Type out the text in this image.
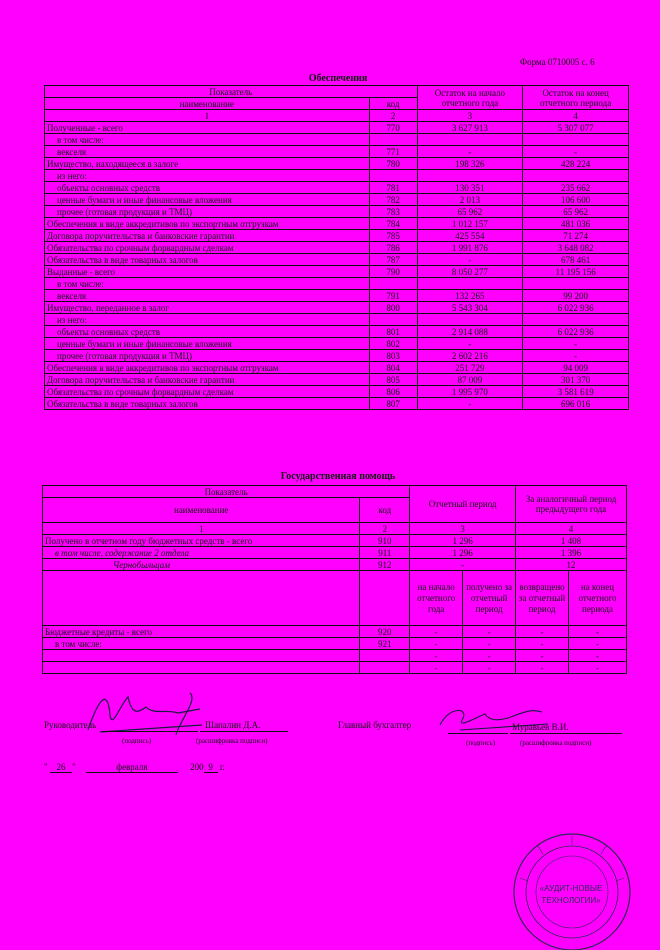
Форма 0710005 с. 6
Обеспечения
Показатель		Остаток на начало отчетного года	Остаток на конец отчетного периода
наименование	код		
1	2	3	4
Полученные - всего	770	3 627 913	5 307 077
в том числе:			
векселя	771	-	-
Имущество, находящееся в залоге	780	198 326	428 224
из него:			
объекты основных средств	781	130 351	235 662
ценные бумаги и иные финансовые вложения	782	2 013	106 600
прочее (готовая продукция и ТМЦ)	783	65 962	65 962
Обеспечения в виде аккредитивов по экспортным отгрузкам	784	1 012 157	481 036
Договора поручительства и банковские гарантии	785	425 554	71 274
Обязательства по срочным форвардным сделкам	786	1 991 876	3 648 082
Обязательства в виде товарных залогов	787	-	678 461
Выданные - всего	790	8 050 277	11 195 156
в том числе:			
векселя	791	132 265	99 200
Имущество, переданное в залог	800	5 543 304	6 022 936
из него:			
объекты основных средств	801	2 914 088	6 022 936
ценные бумаги и иные финансовые вложения	802	-	-
прочее (готовая продукция и ТМЦ)	803	2 602 216	-
Обеспечения в виде аккредитивов по экспортным отгрузкам	804	251 729	94 009
Договора поручительства и банковские гарантии	805	87 009	301 370
Обязательства по срочным форвардным сделкам	806	1 995 970	3 581 619
Обязательства в виде товарных залогов	807	-	696 016
Государственная помощь
Показатель		Отчетный период		За аналогичный период предыдущего года	
наименование	код				
1	2	3		4	
Получено в отчетном году бюджетных средств - всего	910	1 296		1 408	
в том числе, содержание 2 отдела	911	1 296		1 396	
Чернобыльцам	912	-		12	
		на начало отчетного года	получено за отчетный период	возвращено за отчетный период	на конец отчетного периода
Бюджетные кредиты - всего	920	-	-	-	-
в том числе:	921	-	-	-	-
		-	-	-	-
		-	-	-	-
Руководитель	Шапалин Д.А.
(подпись)	(расшифровка подписи)
Главный бухгалтер	Муравьев В.И.
(подпись)	(расшифровка подписи)
" 26 "	февраля	200 9 г.
«АУДИТ-НОВЫЕ ТЕХНОЛОГИИ»
